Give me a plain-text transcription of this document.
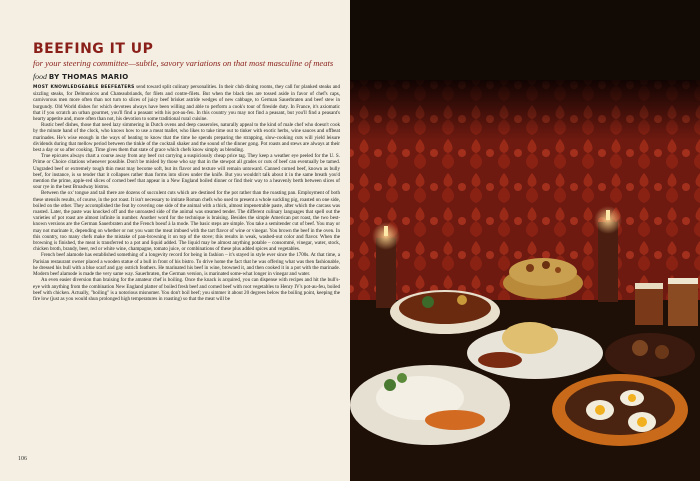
BEEFING IT UP
for your steering committee—subtle, savory variations on that most masculine of meats
food BY THOMAS MARIO

MOST KNOWLEDGEABLE BEEFEATERS send toward split culinary personalities. In their club dining rooms, they call for planked steaks and sizzling steaks, for Delmonicos and Chateaubriands, for filets and contre-filets. But when the black ties are tossed aside in favor of chef's caps, carnivorous men more often than not turn to slices of juicy beef brisket astride wedges of new cabbage, to German Sauerbraten and beef stew in burgundy. Old World dishes for which devotees always have been willing and able to perform a cook's tour of fireside duty. In France, it's axiomatic that if you scratch an urban gourmet, you'll find a peasant with his pot-au-feu. In this country you may not find a peasant, but you'll find a peasant's hearty appetite and, more often than not, his devotion to some traditional rural cuisine.

Rustic beef dishes, those that need lazy simmering in Dutch ovens and deep casseroles, naturally appeal to the kind of male chef who doesn't cook by the minute hand of the clock, who knows how to use a meat mallet, who likes to take time out to tinker with exotic herbs, wine sauces and offbeat marinades. He's wise enough in the ways of heating to know that the time he spends preparing the strapping, slow-cooking cuts will yield leisure dividends during that mellow period between the tinkle of the cocktail shaker and the sound of the dinner gong. Pot roasts and stews are always at their best a day or so after cooking. Time gives them that state of grace which chefs know simply as blending.

True epicures always chart a course away from any beef cut carrying a suspiciously cheap price tag. They keep a weather eye peeled for the U. S. Prime or Choice citations whenever possible. Don't be misled by those who say that in the stewpot all grades or cuts of beef can eventually be tamed. Ungraded beef or extremely tough thin meat may become soft, but its flavor and texture will remain untoward. Canned corned beef, known as bully beef, for instance, is so tender that it collapses rather than forms into slices under the knife. But you wouldn't talk about it in the same breath you'd mention the prime, apple-red slices of corned beef that appear in a New England boiled dinner or find their way to a heavenly berth between slices of sour rye in the best Broadway bistros.

Between the ox' tongue and tail there are dozens of succulent cuts which are destined for the pot rather than the roasting pan. Employment of both these utensils results, of course, in the pot roast. It isn't necessary to imitate Roman chefs who used to present a whole suckling pig, roasted on one side, boiled on the other. They accomplished the feat by covering one side of the animal with a thick, almost impenetrable paste, after which the carcass was roasted. Later, the paste was knocked off and the unroasted side of the animal was steamed tender. The different culinary languages that spell out the varieties of pot roast are almost infinite in number. Another word for the technique is braising. Besides the simple American pot roast, the two best-known versions are the German Sauerbraten and the French boeuf à la mode. The basic steps are simple. You take a semitender cut of beef. You may or may not marinate it, depending on whether or not you want the meat imbued with the tart flavor of wine or vinegar. You brown the beef in the oven. In this country, too many chefs make the mistake of pan-browning it on top of the stove; this results in weak, washed-out color and flavor. When the browning is finished, the meat is transferred to a pot and liquid added. The liquid may be almost anything potable – consommé, vinegar, water, stock, chicken broth, brandy, beer, red or white wine, champagne, tomato juice, or combinations of these plus added spices and vegetables.

French beef alamode has established something of a longevity record for being in fashion – it's stayed in style ever since the 1700s. At that time, a Parisian restaurant owner placed a wooden statue of a bull in front of his bistro. To drive home the fact that he was offering what was then fashionable, he dressed his bull with a blue scarf and gay ostrich feathers. He marinated his beef in wine, browned it, and then cooked it in a pot with the marinade. Modern beef alamode is made the very same way. Sauerbraten, the German version, is marinated some-what longer in vinegar and water.

An even easier diversion than braising for the amateur chef is boiling. Once the knack is acquired, you can dispense with recipes and hit the bull's-eye with anything from the combination New England platter of boiled fresh beef and corned beef with root vegetables to Henry IV's pot-au-feu, boiled beef with chicken. Actually, "boiling" is a notorious misnomer. You don't boil beef; you simmer it about 20 degrees below the boiling point, keeping the fire low (just as you would shun prolonged high temperatures in roasting) so that the meat will be

106
